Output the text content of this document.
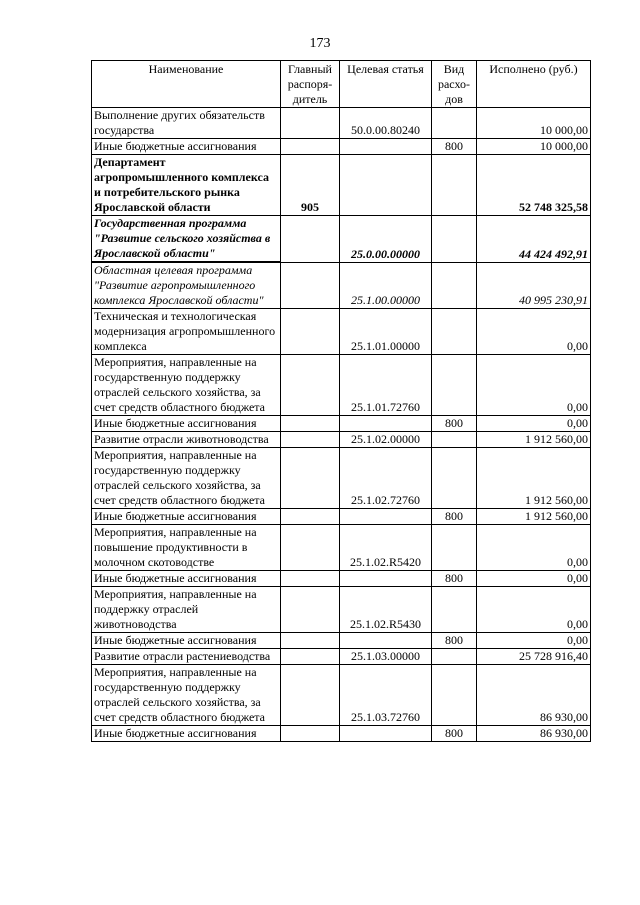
173
Наименование	Главный распоря-дитель	Целевая статья	Вид расхо-дов	Исполнено (руб.)
Выполнение других обязательств государства		50.0.00.80240		10 000,00
Иные бюджетные ассигнования			800	10 000,00
Департамент агропромышленного комплекса и потребительского рынка Ярославской области	905			52 748 325,58
Государственная программа "Развитие сельского хозяйства в Ярославской области"		25.0.00.00000		44 424 492,91
Областная целевая программа "Развитие агропромышленного комплекса Ярославской области"		25.1.00.00000		40 995 230,91
Техническая и технологическая модернизация агропромышленного комплекса		25.1.01.00000		0,00
Мероприятия, направленные на государственную поддержку отраслей сельского хозяйства, за счет средств областного бюджета		25.1.01.72760		0,00
Иные бюджетные ассигнования			800	0,00
Развитие отрасли животноводства		25.1.02.00000		1 912 560,00
Мероприятия, направленные на государственную поддержку отраслей сельского хозяйства, за счет средств областного бюджета		25.1.02.72760		1 912 560,00
Иные бюджетные ассигнования			800	1 912 560,00
Мероприятия, направленные на повышение продуктивности в молочном скотоводстве		25.1.02.R5420		0,00
Иные бюджетные ассигнования			800	0,00
Мероприятия, направленные на поддержку отраслей животноводства		25.1.02.R5430		0,00
Иные бюджетные ассигнования			800	0,00
Развитие отрасли растениеводства		25.1.03.00000		25 728 916,40
Мероприятия, направленные на государственную поддержку отраслей сельского хозяйства, за счет средств областного бюджета		25.1.03.72760		86 930,00
Иные бюджетные ассигнования			800	86 930,00
